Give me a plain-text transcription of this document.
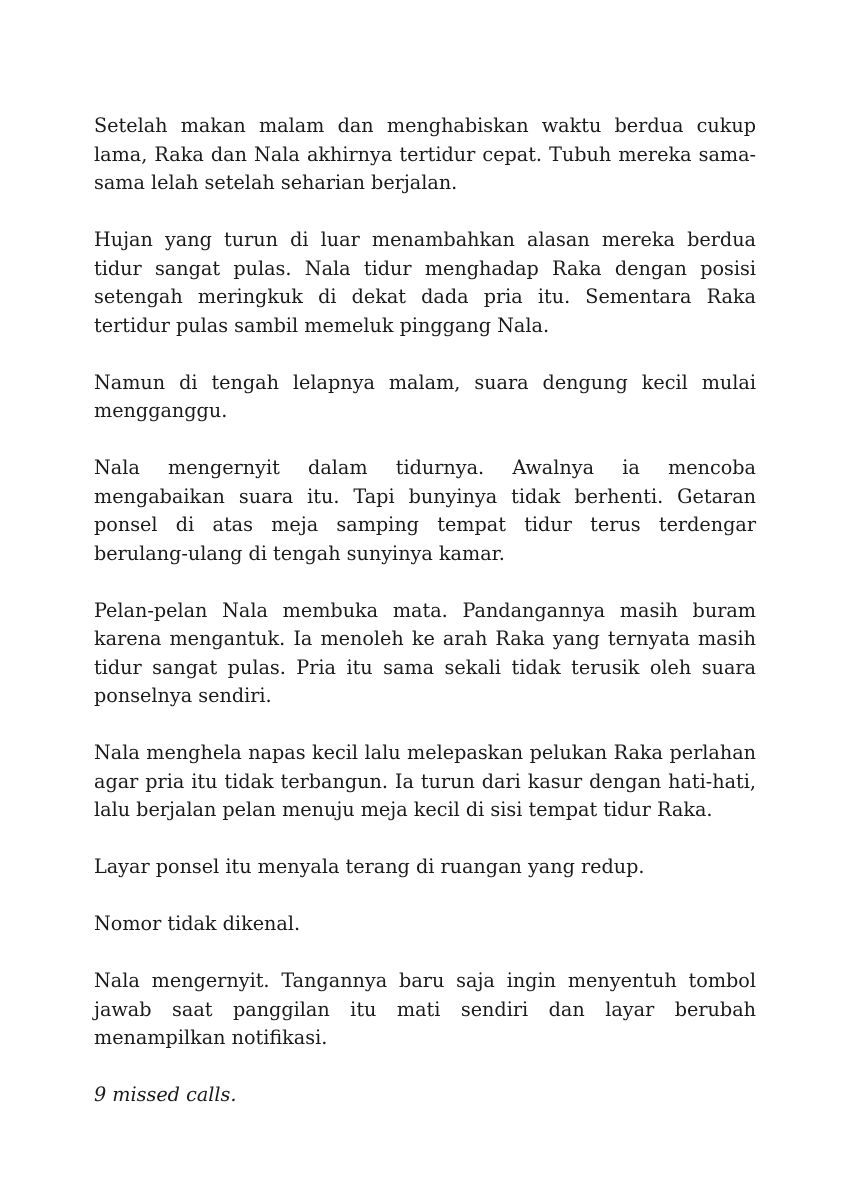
Setelah makan malam dan menghabiskan waktu berdua cukup lama, Raka dan Nala akhirnya tertidur cepat. Tubuh mereka sama-sama lelah setelah seharian berjalan.

Hujan yang turun di luar menambahkan alasan mereka berdua tidur sangat pulas. Nala tidur menghadap Raka dengan posisi setengah meringkuk di dekat dada pria itu. Sementara Raka tertidur pulas sambil memeluk pinggang Nala.

Namun di tengah lelapnya malam, suara dengung kecil mulai mengganggu.

Nala mengernyit dalam tidurnya. Awalnya ia mencoba mengabaikan suara itu. Tapi bunyinya tidak berhenti. Getaran ponsel di atas meja samping tempat tidur terus terdengar berulang-ulang di tengah sunyinya kamar.

Pelan-pelan Nala membuka mata. Pandangannya masih buram karena mengantuk. Ia menoleh ke arah Raka yang ternyata masih tidur sangat pulas. Pria itu sama sekali tidak terusik oleh suara ponselnya sendiri.

Nala menghela napas kecil lalu melepaskan pelukan Raka perlahan agar pria itu tidak terbangun. Ia turun dari kasur dengan hati-hati, lalu berjalan pelan menuju meja kecil di sisi tempat tidur Raka.

Layar ponsel itu menyala terang di ruangan yang redup.

Nomor tidak dikenal.

Nala mengernyit. Tangannya baru saja ingin menyentuh tombol jawab saat panggilan itu mati sendiri dan layar berubah menampilkan notifikasi.

9 missed calls.
